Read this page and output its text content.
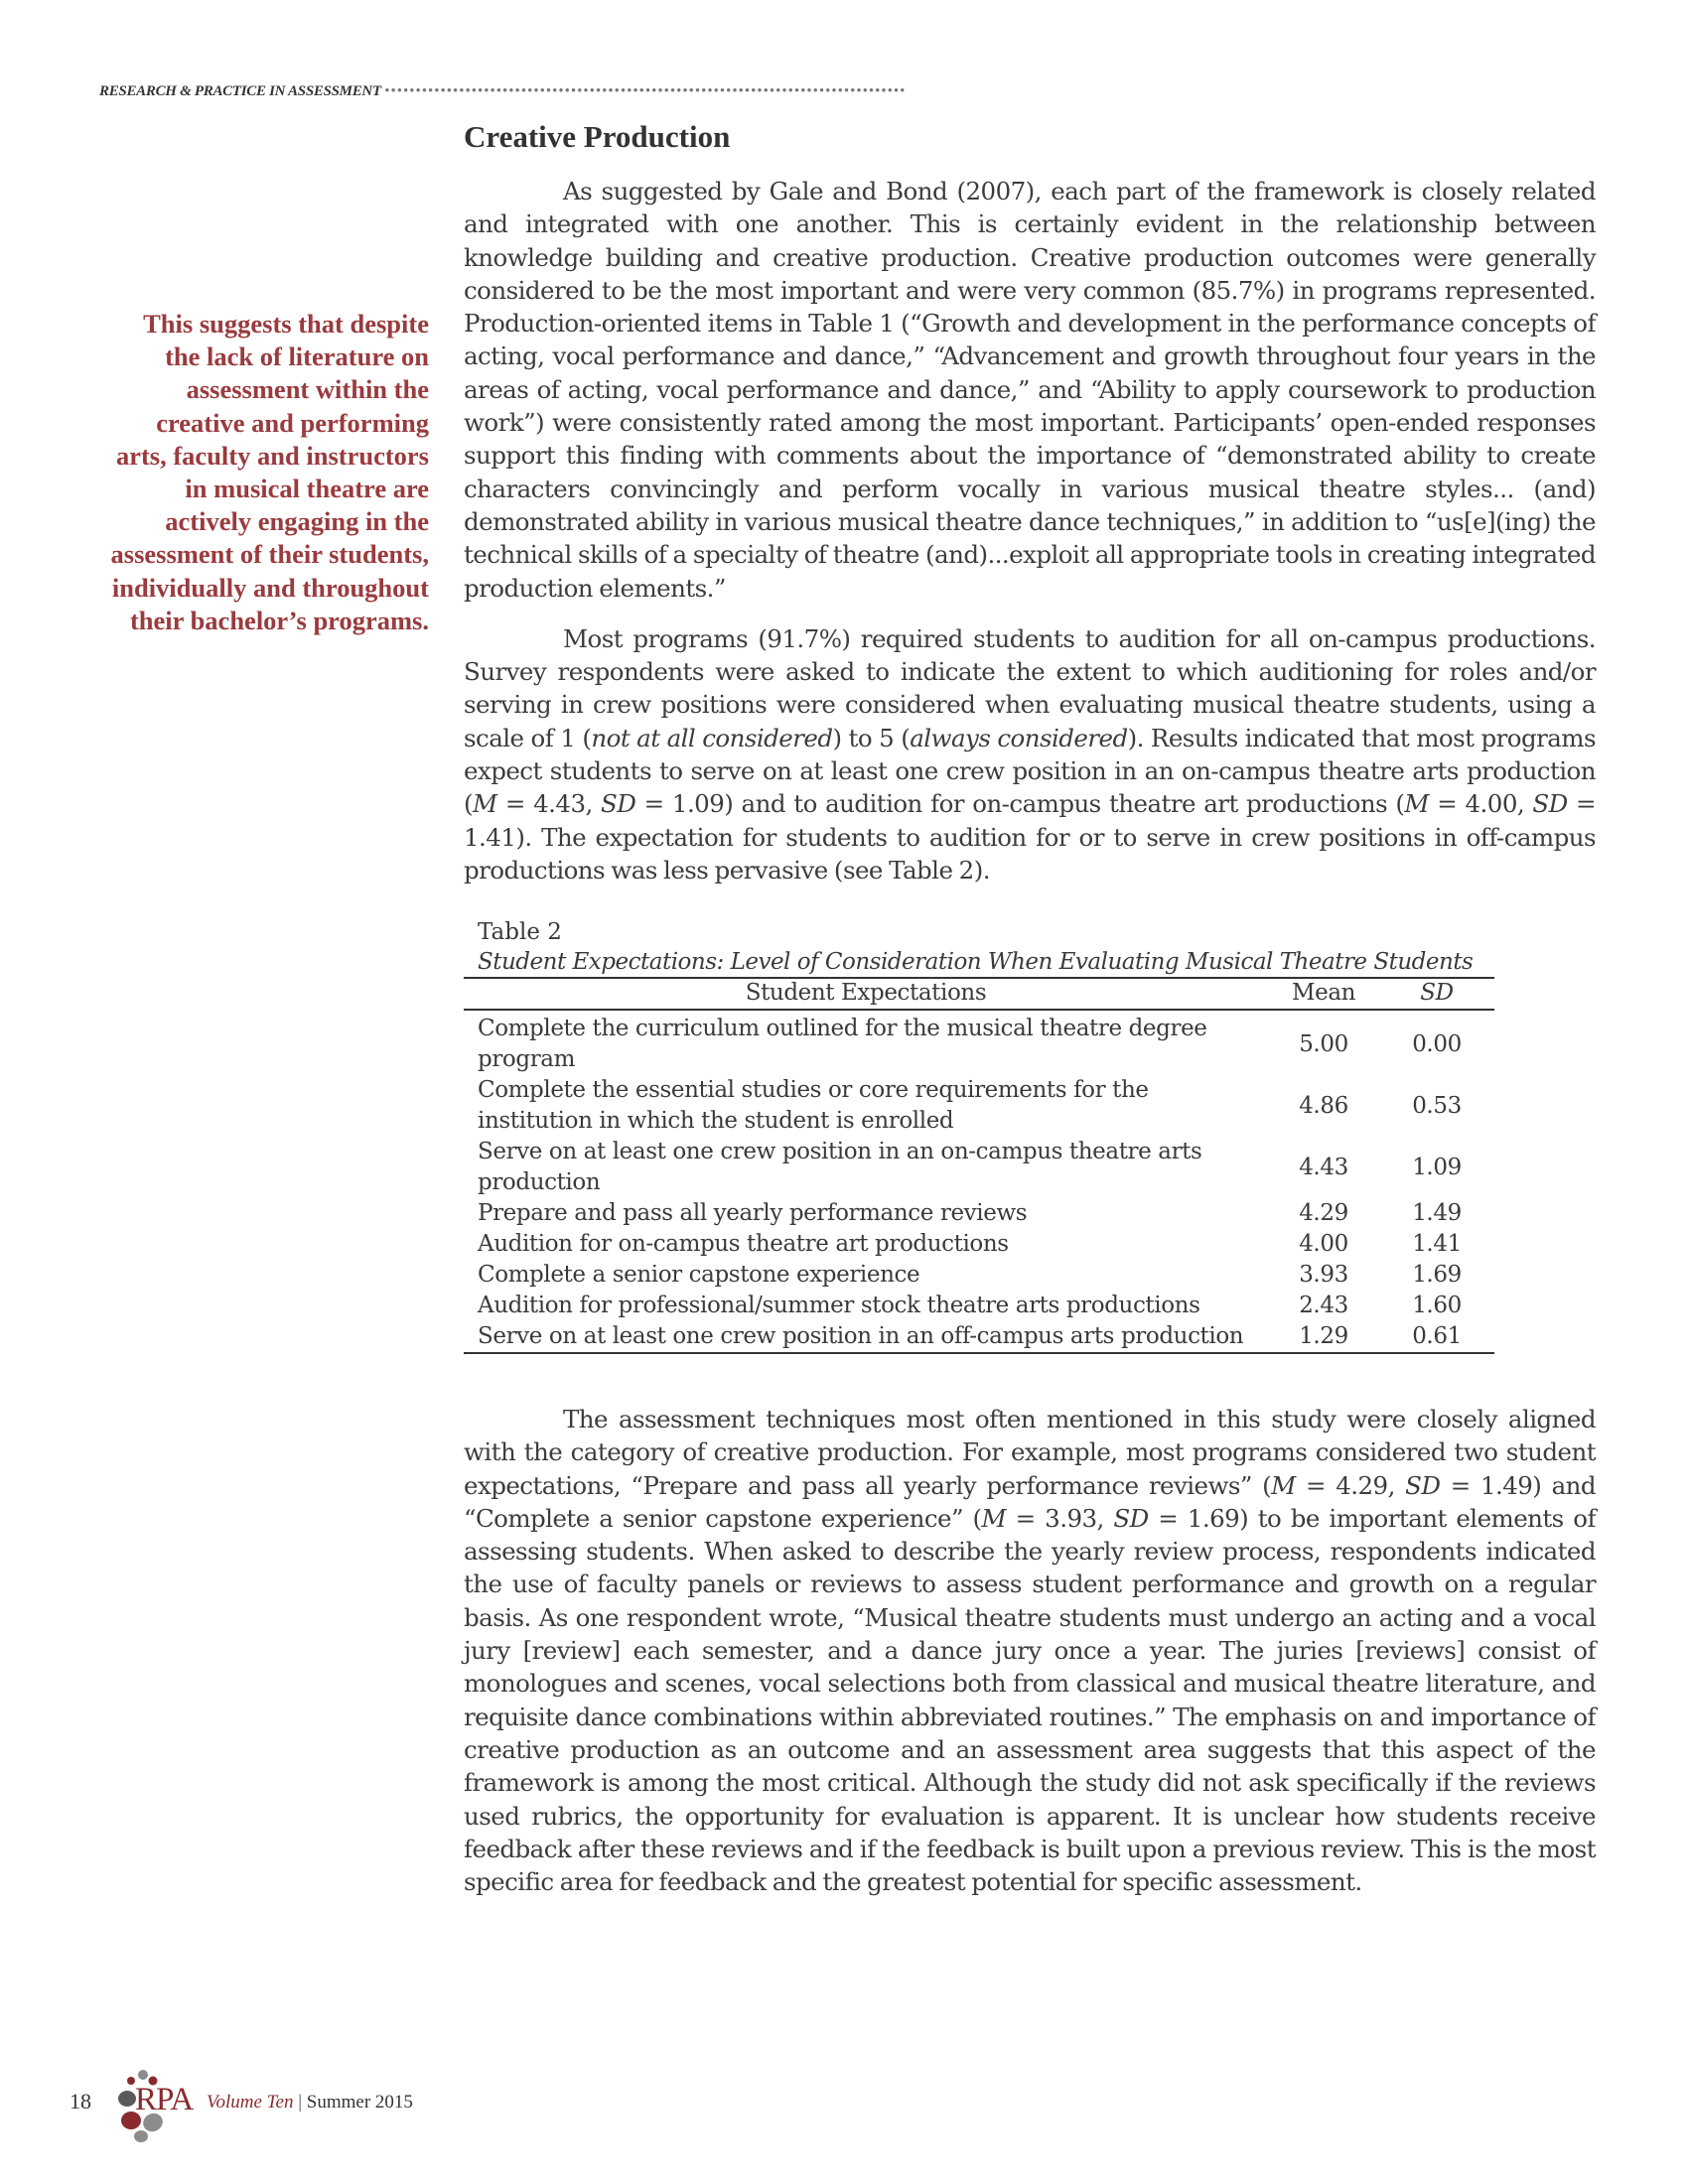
RESEARCH & PRACTICE IN ASSESSMENT ••••••••••••••••••••••••••••••••••••••••••••••••••••••••••••••••••••••••••••••••••••
Creative Production

As suggested by Gale and Bond (2007), each part of the framework is closely related and integrated with one another. This is certainly evident in the relationship between knowledge building and creative production. Creative production outcomes were generally considered to be the most important and were very common (85.7%) in programs represented. Production-oriented items in Table 1 (“Growth and development in the performance concepts of acting, vocal performance and dance,” “Advancement and growth throughout four years in the areas of acting, vocal performance and dance,” and “Ability to apply coursework to production work”) were consistently rated among the most important. Participants’ open-ended responses support this finding with comments about the importance of “demonstrated ability to create characters convincingly and perform vocally in various musical theatre styles... (and) demonstrated ability in various musical theatre dance techniques,” in addition to “us[e](ing) the technical skills of a specialty of theatre (and)...exploit all appropriate tools in creating integrated production elements.”

Most programs (91.7%) required students to audition for all on-campus productions. Survey respondents were asked to indicate the extent to which auditioning for roles and/or serving in crew positions were considered when evaluating musical theatre students, using a scale of 1 (not at all considered) to 5 (always considered). Results indicated that most programs expect students to serve on at least one crew position in an on-campus theatre arts production (M = 4.43, SD = 1.09) and to audition for on-campus theatre art productions (M = 4.00, SD = 1.41). The expectation for students to audition for or to serve in crew positions in off-campus productions was less pervasive (see Table 2).

This suggests that despite the lack of literature on assessment within the creative and performing arts, faculty and instructors in musical theatre are actively engaging in the assessment of their students, individually and throughout their bachelor’s programs.

Table 2
Student Expectations: Level of Consideration When Evaluating Musical Theatre Students
Student Expectations	Mean	SD
Complete the curriculum outlined for the musical theatre degree program	5.00	0.00
Complete the essential studies or core requirements for the institution in which the student is enrolled	4.86	0.53
Serve on at least one crew position in an on-campus theatre arts production	4.43	1.09
Prepare and pass all yearly performance reviews	4.29	1.49
Audition for on-campus theatre art productions	4.00	1.41
Complete a senior capstone experience	3.93	1.69
Audition for professional/summer stock theatre arts productions	2.43	1.60
Serve on at least one crew position in an off-campus arts production	1.29	0.61

The assessment techniques most often mentioned in this study were closely aligned with the category of creative production. For example, most programs considered two student expectations, “Prepare and pass all yearly performance reviews” (M = 4.29, SD = 1.49) and “Complete a senior capstone experience” (M = 3.93, SD = 1.69) to be important elements of assessing students. When asked to describe the yearly review process, respondents indicated the use of faculty panels or reviews to assess student performance and growth on a regular basis. As one respondent wrote, “Musical theatre students must undergo an acting and a vocal jury [review] each semester, and a dance jury once a year. The juries [reviews] consist of monologues and scenes, vocal selections both from classical and musical theatre literature, and requisite dance combinations within abbreviated routines.” The emphasis on and importance of creative production as an outcome and an assessment area suggests that this aspect of the framework is among the most critical. Although the study did not ask specifically if the reviews used rubrics, the opportunity for evaluation is apparent. It is unclear how students receive feedback after these reviews and if the feedback is built upon a previous review. This is the most specific area for feedback and the greatest potential for specific assessment.

18 RPA Volume Ten | Summer 2015
